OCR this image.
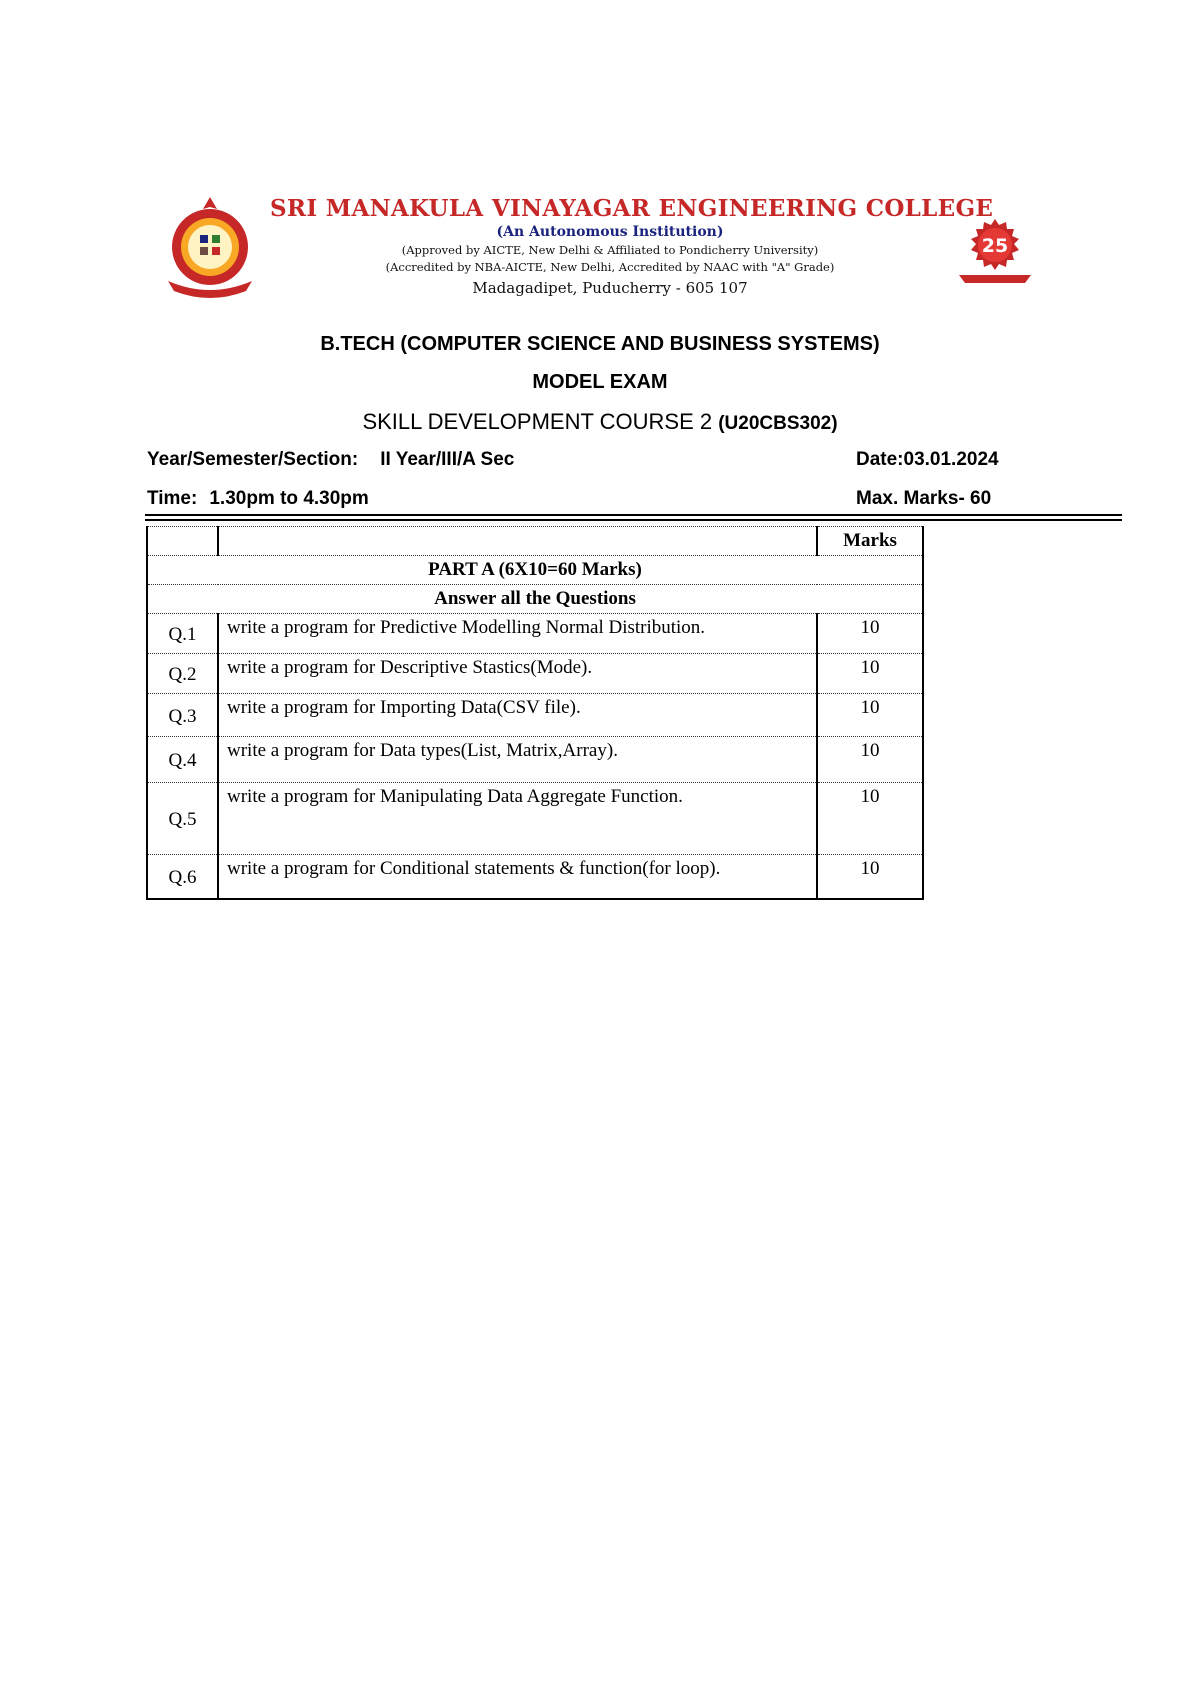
SRI MANAKULA VINAYAGAR ENGINEERING COLLEGE
(An Autonomous Institution)
(Approved by AICTE, New Delhi & Affiliated to Pondicherry University)
(Accredited by NBA-AICTE, New Delhi, Accredited by NAAC with "A" Grade)
Madagadipet, Puducherry - 605 107
25
B.TECH (COMPUTER SCIENCE AND BUSINESS SYSTEMS)
MODEL EXAM
SKILL DEVELOPMENT COURSE 2 (U20CBS302)
Year/Semester/Section: II Year/III/A Sec	Date:03.01.2024
Time: 1.30pm to 4.30pm	Max. Marks- 60
		Marks
PART A (6X10=60 Marks)		
Answer all the Questions		
Q.1	write a program for Predictive Modelling Normal Distribution.	10
Q.2	write a program for Descriptive Stastics(Mode).	10
Q.3	write a program for Importing Data(CSV file).	10
Q.4	write a program for Data types(List, Matrix,Array).	10
Q.5	write a program for Manipulating Data Aggregate Function.	10
Q.6	write a program for Conditional statements & function(for loop).	10
